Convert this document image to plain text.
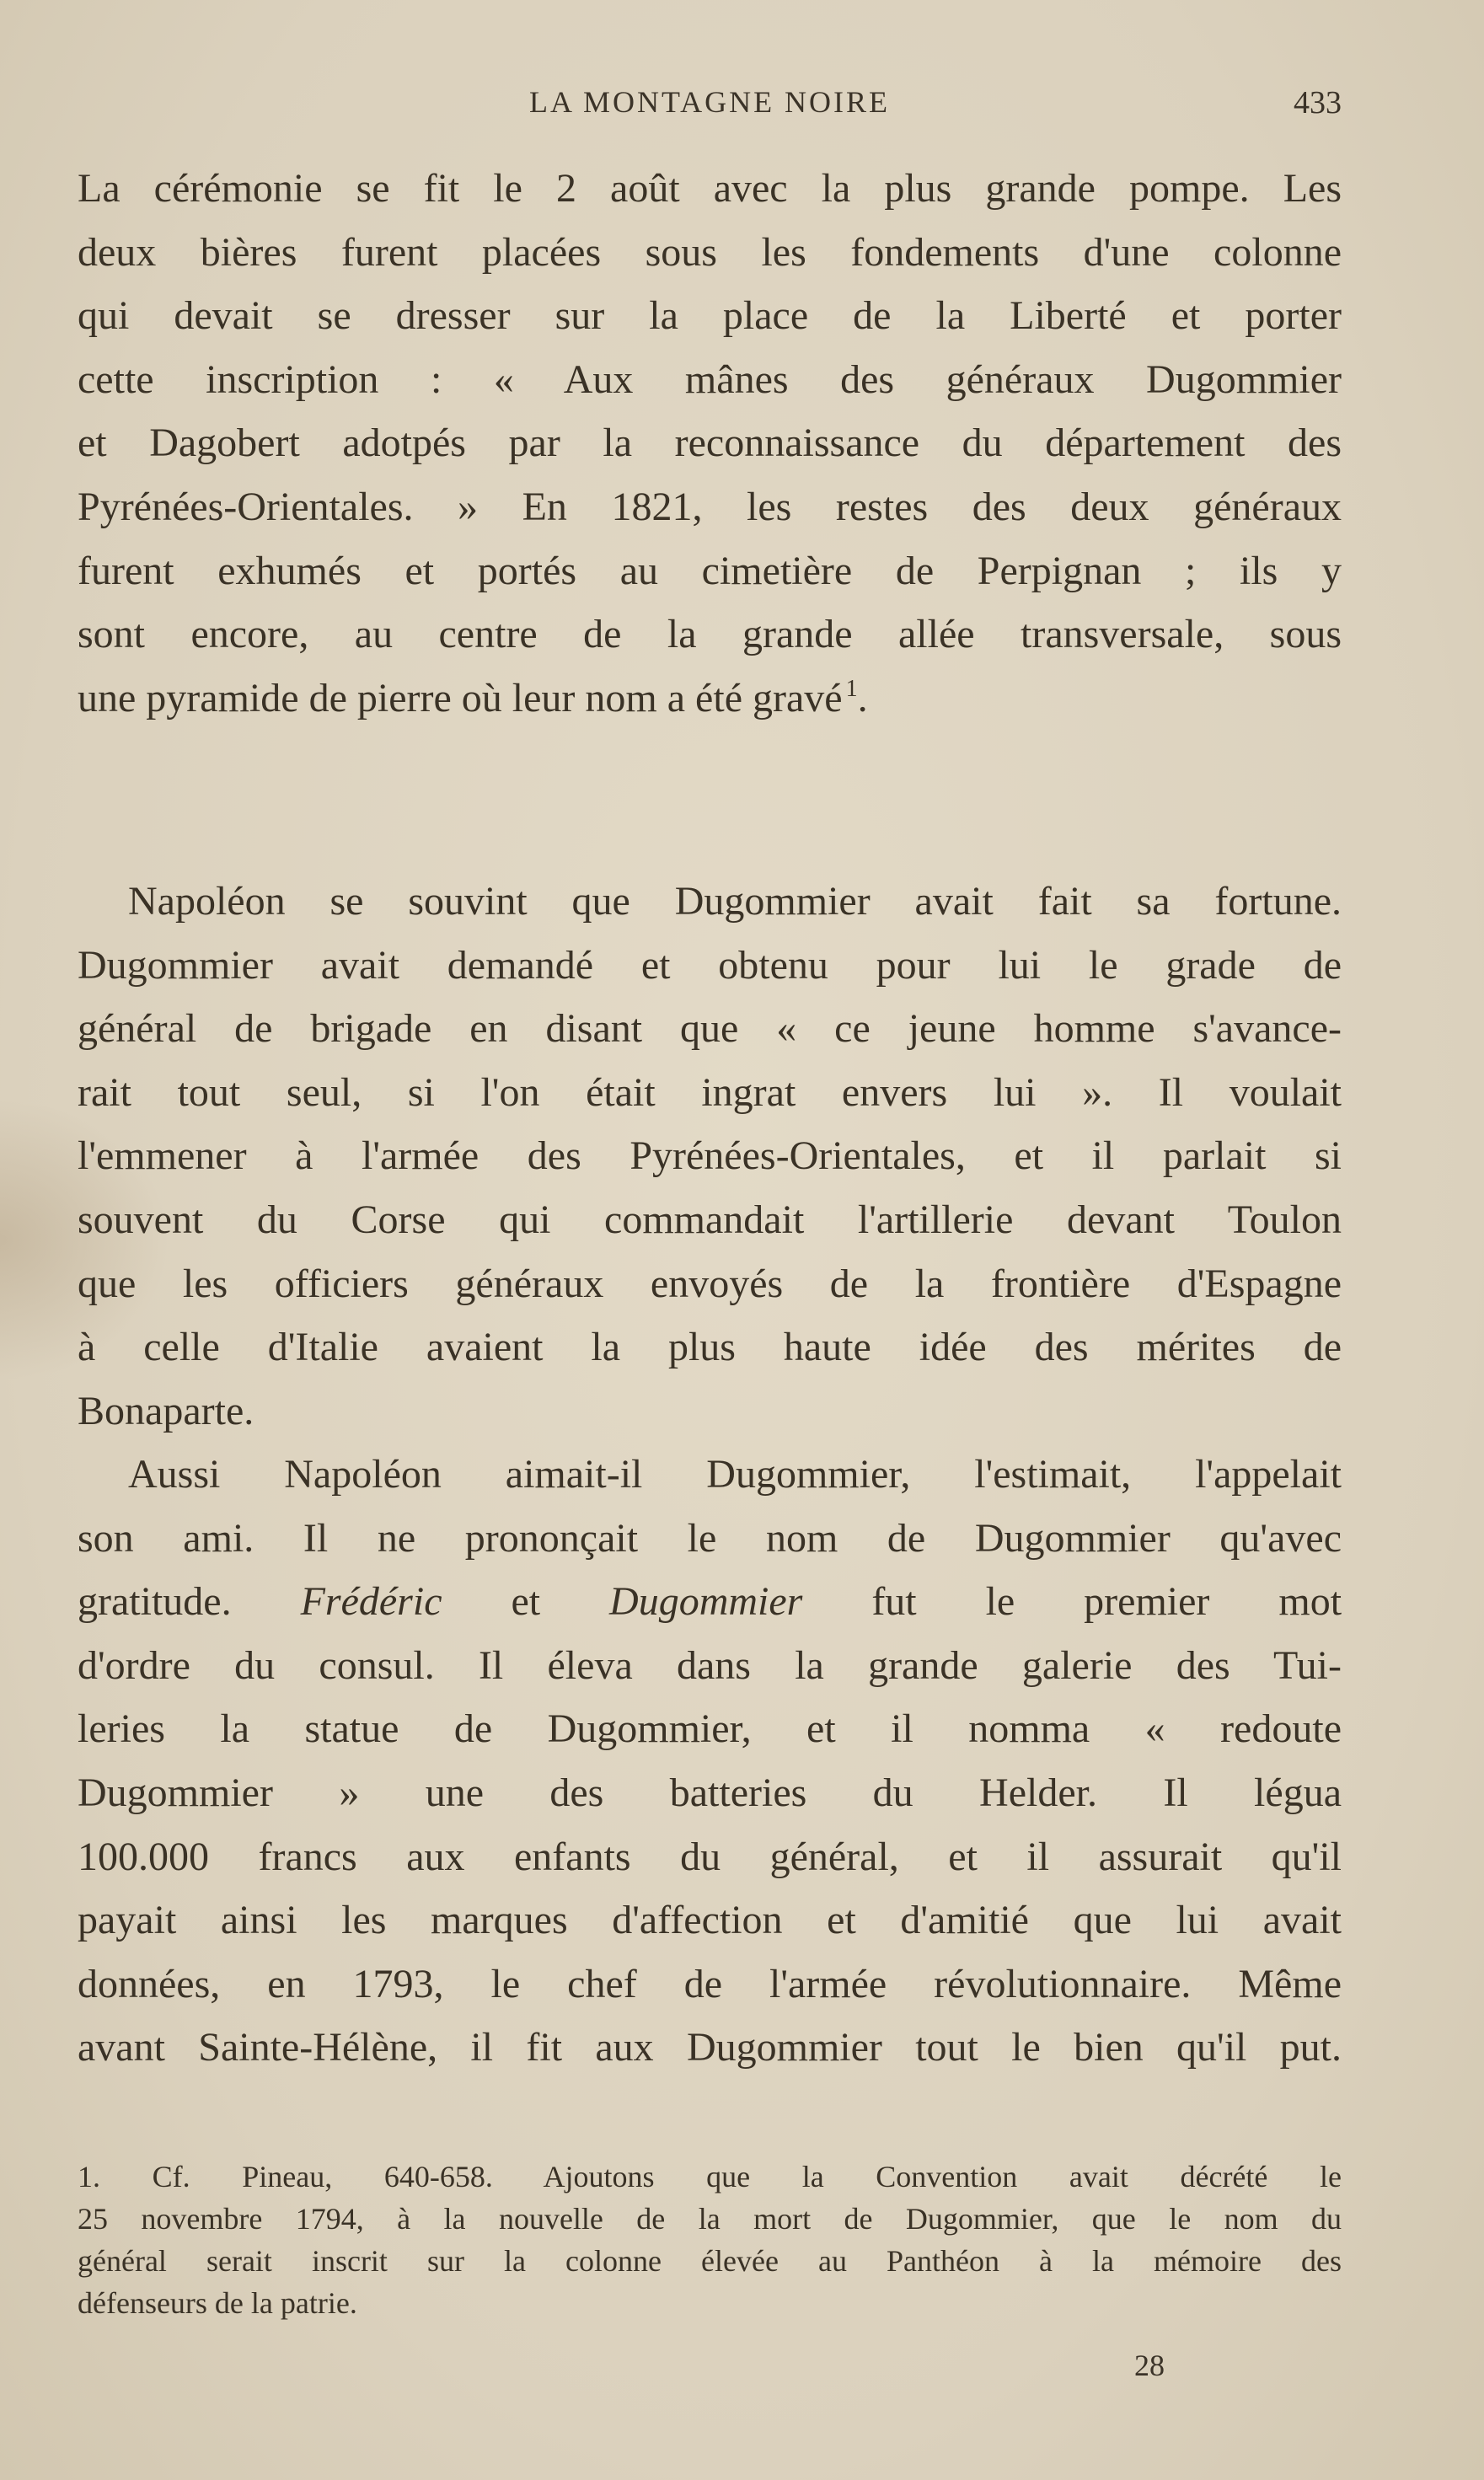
LA MONTAGNE NOIRE	433

La cérémonie se fit le 2 août avec la plus grande pompe. Les
deux bières furent placées sous les fondements d'une colonne
qui devait se dresser sur la place de la Liberté et porter
cette inscription : « Aux mânes des généraux Dugommier
et Dagobert adotpés par la reconnaissance du département des
Pyrénées-Orientales. » En 1821, les restes des deux généraux
furent exhumés et portés au cimetière de Perpignan ; ils y
sont encore, au centre de la grande allée transversale, sous
une pyramide de pierre où leur nom a été gravé  $^1$.

Napoléon se souvint que Dugommier avait fait sa fortune.
Dugommier avait demandé et obtenu pour lui le grade de
général de brigade en disant que « ce jeune homme s'avance-
rait tout seul, si l'on était ingrat envers lui ». Il voulait
l'emmener à l'armée des Pyrénées-Orientales, et il parlait si
souvent du Corse qui commandait l'artillerie devant Toulon
que les officiers généraux envoyés de la frontière d'Espagne
à celle d'Italie avaient la plus haute idée des mérites de
Bonaparte.

Aussi Napoléon aimait-il Dugommier, l'estimait, l'appelait
son ami. Il ne prononçait le nom de Dugommier qu'avec
gratitude. Frédéric et Dugommier fut le premier mot
d'ordre du consul. Il éleva dans la grande galerie des Tui-
leries la statue de Dugommier, et il nomma « redoute
Dugommier » une des batteries du Helder. Il légua
100.000 francs aux enfants du général, et il assurait qu'il
payait ainsi les marques d'affection et d'amitié que lui avait
données, en 1793, le chef de l'armée révolutionnaire. Même
avant Sainte-Hélène, il fit aux Dugommier tout le bien qu'il put.

1. Cf. Pineau, 640-658. Ajoutons que la Convention avait décrété le
25 novembre 1794, à la nouvelle de la mort de Dugommier, que le nom du
général serait inscrit sur la colonne élevée au Panthéon à la mémoire des
défenseurs de la patrie.

28
